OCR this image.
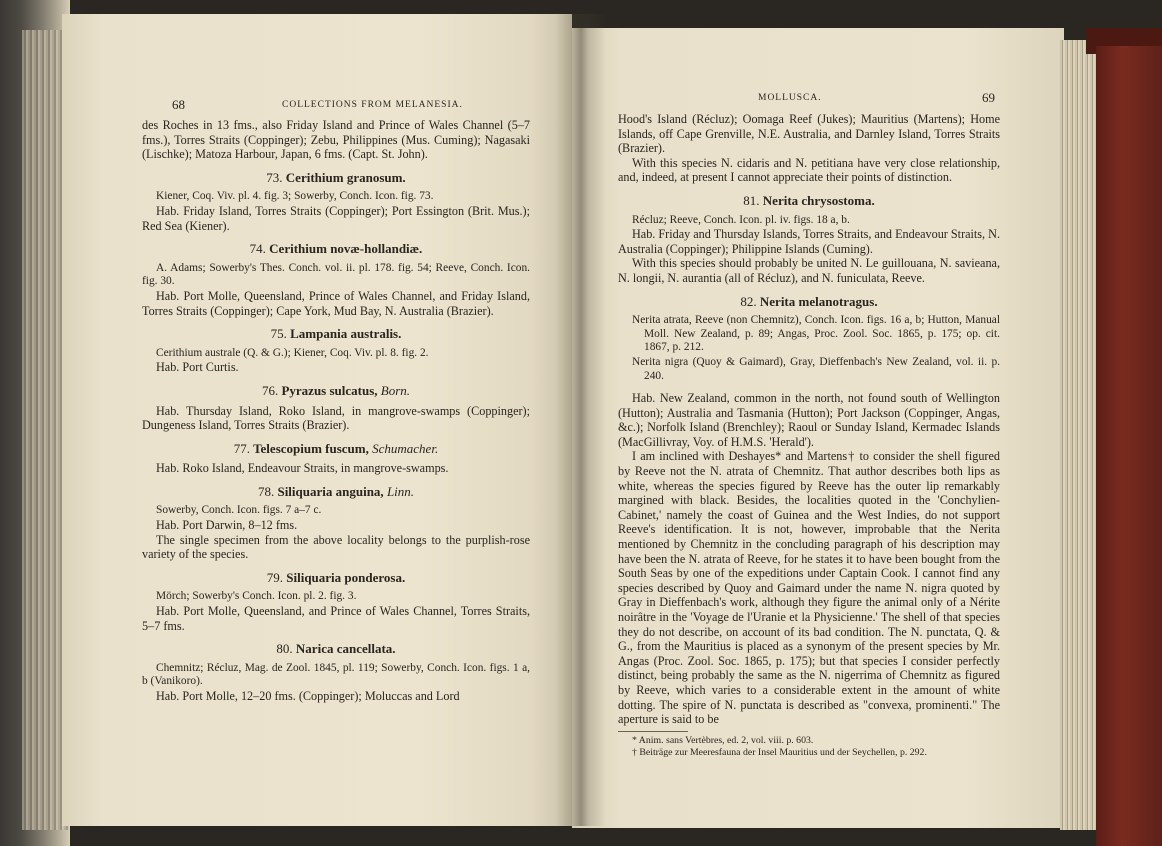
68	COLLECTIONS FROM MELANESIA.	69
MOLLUSCA.

des Roches in 13 fms., also Friday Island and Prince of Wales Channel (5–7 fms.), Torres Straits (Coppinger); Zebu, Philippines (Mus. Cuming); Nagasaki (Lischke); Matoza Harbour, Japan, 6 fms. (Capt. St. John).

73. Cerithium granosum.

Kiener, Coq. Viv. pl. 4. fig. 3; Sowerby, Conch. Icon. fig. 73.

Hab. Friday Island, Torres Straits (Coppinger); Port Essington (Brit. Mus.); Red Sea (Kiener).

74. Cerithium novæ-hollandiæ.

A. Adams; Sowerby's Thes. Conch. vol. ii. pl. 178. fig. 54; Reeve, Conch. Icon. fig. 30.

Hab. Port Molle, Queensland, Prince of Wales Channel, and Friday Island, Torres Straits (Coppinger); Cape York, Mud Bay, N. Australia (Brazier).

75. Lampania australis.

Cerithium australe (Q. & G.); Kiener, Coq. Viv. pl. 8. fig. 2.

Hab. Port Curtis.

76. Pyrazus sulcatus, Born.

Hab. Thursday Island, Roko Island, in mangrove-swamps (Coppinger); Dungeness Island, Torres Straits (Brazier).

77. Telescopium fuscum, Schumacher.

Hab. Roko Island, Endeavour Straits, in mangrove-swamps.

78. Siliquaria anguina, Linn.

Sowerby, Conch. Icon. figs. 7 a–7 c.

Hab. Port Darwin, 8–12 fms.

The single specimen from the above locality belongs to the purplish-rose variety of the species.

79. Siliquaria ponderosa.

Mörch; Sowerby's Conch. Icon. pl. 2. fig. 3.

Hab. Port Molle, Queensland, and Prince of Wales Channel, Torres Straits, 5–7 fms.

80. Narica cancellata.

Chemnitz; Récluz, Mag. de Zool. 1845, pl. 119; Sowerby, Conch. Icon. figs. 1 a, b (Vanikoro).

Hab. Port Molle, 12–20 fms. (Coppinger); Moluccas and Lord

Hood's Island (Récluz); Oomaga Reef (Jukes); Mauritius (Martens); Home Islands, off Cape Grenville, N.E. Australia, and Darnley Island, Torres Straits (Brazier).

With this species N. cidaris and N. petitiana have very close relationship, and, indeed, at present I cannot appreciate their points of distinction.

81. Nerita chrysostoma.

Récluz; Reeve, Conch. Icon. pl. iv. figs. 18 a, b.

Hab. Friday and Thursday Islands, Torres Straits, and Endeavour Straits, N. Australia (Coppinger); Philippine Islands (Cuming).

With this species should probably be united N. Le guillouana, N. savieana, N. longii, N. aurantia (all of Récluz), and N. funiculata, Reeve.

82. Nerita melanotragus.

Nerita atrata, Reeve (non Chemnitz), Conch. Icon. figs. 16 a, b; Hutton, Manual Moll. New Zealand, p. 89; Angas, Proc. Zool. Soc. 1865, p. 175; op. cit. 1867, p. 212.

Nerita nigra (Quoy & Gaimard), Gray, Dieffenbach's New Zealand, vol. ii. p. 240.

Hab. New Zealand, common in the north, not found south of Wellington (Hutton); Australia and Tasmania (Hutton); Port Jackson (Coppinger, Angas, &c.); Norfolk Island (Brenchley); Raoul or Sunday Island, Kermadec Islands (MacGillivray, Voy. of H.M.S. 'Herald').

I am inclined with Deshayes* and Martens† to consider the shell figured by Reeve not the N. atrata of Chemnitz. That author describes both lips as white, whereas the species figured by Reeve has the outer lip remarkably margined with black. Besides, the localities quoted in the 'Conchylien-Cabinet,' namely the coast of Guinea and the West Indies, do not support Reeve's identification. It is not, however, improbable that the Nerita mentioned by Chemnitz in the concluding paragraph of his description may have been the N. atrata of Reeve, for he states it to have been bought from the South Seas by one of the expeditions under Captain Cook. I cannot find any species described by Quoy and Gaimard under the name N. nigra quoted by Gray in Dieffenbach's work, although they figure the animal only of a Nérite noirâtre in the 'Voyage de l'Uranie et la Physicienne.' The shell of that species they do not describe, on account of its bad condition. The N. punctata, Q. & G., from the Mauritius is placed as a synonym of the present species by Mr. Angas (Proc. Zool. Soc. 1865, p. 175); but that species I consider perfectly distinct, being probably the same as the N. nigerrima of Chemnitz as figured by Reeve, which varies to a considerable extent in the amount of white dotting. The spire of N. punctata is described as "convexa, prominenti." The aperture is said to be

* Anim. sans Vertèbres, ed. 2, vol. viii. p. 603.

† Beiträge zur Meeresfauna der Insel Mauritius und der Seychellen, p. 292.
